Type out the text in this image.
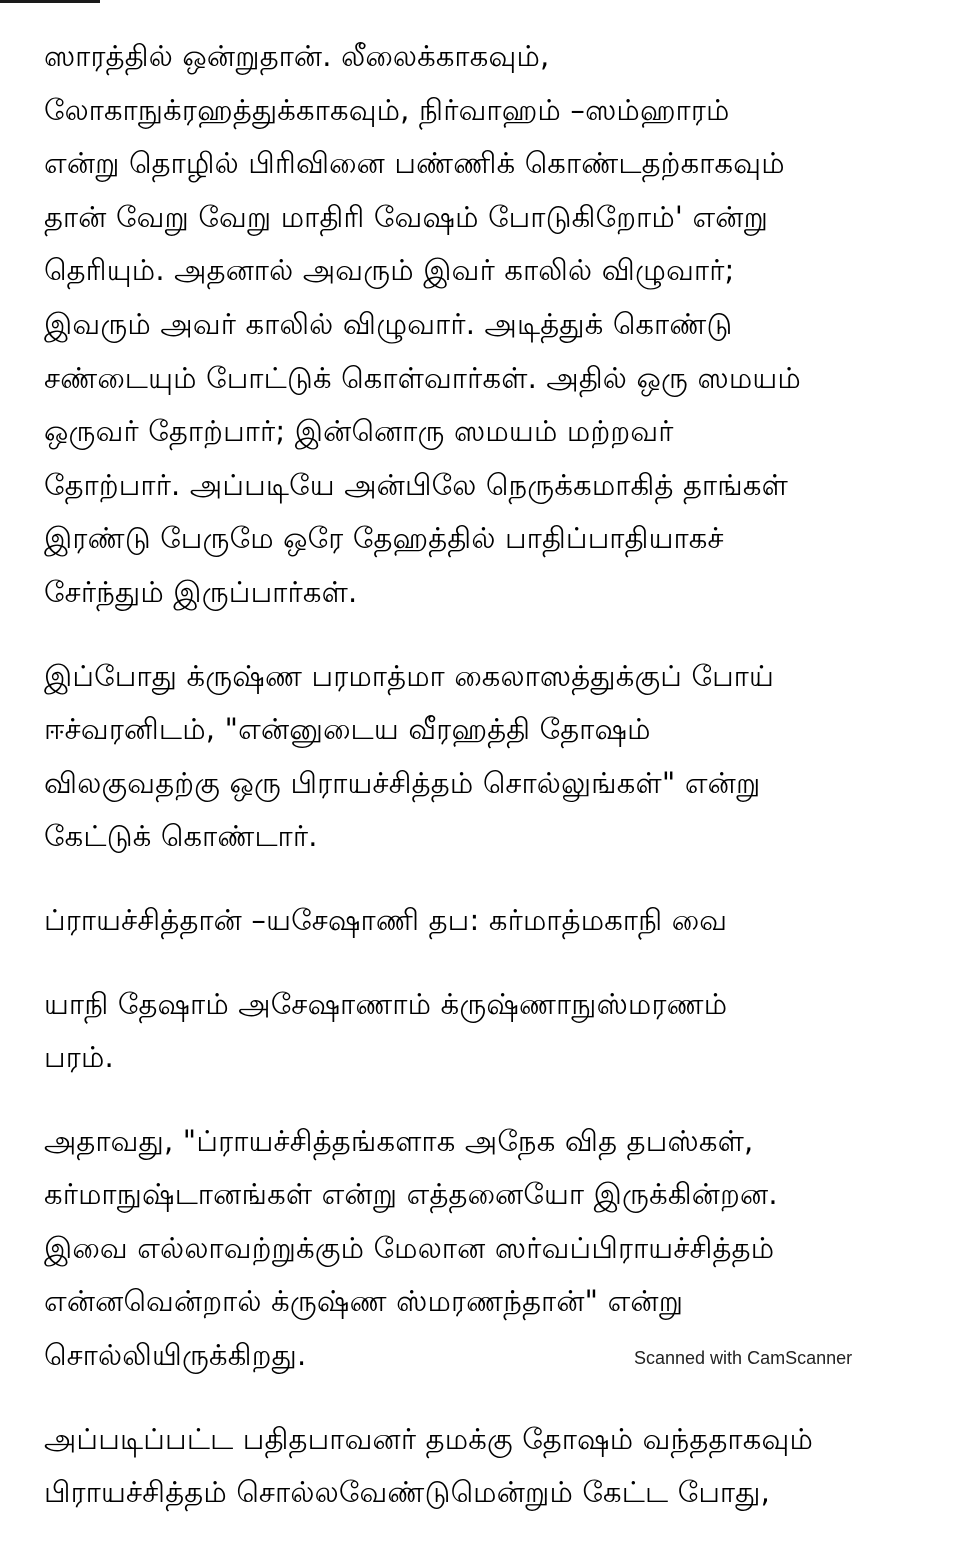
ஸாரத்தில் ஒன்றுதான். லீலைக்காகவும்,
லோகாநுக்ரஹத்துக்காகவும், நிர்வாஹம் –ஸம்ஹாரம்
என்று தொழில் பிரிவினை பண்ணிக் கொண்டதற்காகவும்
தான் வேறு வேறு மாதிரி வேஷம் போடுகிறோம்' என்று
தெரியும். அதனால் அவரும் இவர் காலில் விழுவார்;
இவரும் அவர் காலில் விழுவார். அடித்துக் கொண்டு
சண்டையும் போட்டுக் கொள்வார்கள். அதில் ஒரு ஸமயம்
ஒருவர் தோற்பார்; இன்னொரு ஸமயம் மற்றவர்
தோற்பார். அப்படியே அன்பிலே நெருக்கமாகித் தாங்கள்
இரண்டு பேருமே ஒரே தேஹத்தில் பாதிப்பாதியாகச்
சேர்ந்தும் இருப்பார்கள்.

இப்போது க்ருஷ்ண பரமாத்மா கைலாஸத்துக்குப் போய்
ஈச்வரனிடம், "என்னுடைய வீரஹத்தி தோஷம்
விலகுவதற்கு ஒரு பிராயச்சித்தம் சொல்லுங்கள்" என்று
கேட்டுக் கொண்டார்.

ப்ராயச்சித்தான் –யசேஷாணி தப: கர்மாத்மகாநி வை

யாநி தேஷாம் அசேஷாணாம் க்ருஷ்ணாநுஸ்மரணம்
பரம்.

அதாவது, "ப்ராயச்சித்தங்களாக அநேக வித தபஸ்கள்,
கர்மாநுஷ்டானங்கள் என்று எத்தனையோ இருக்கின்றன.
இவை எல்லாவற்றுக்கும் மேலான ஸர்வப்பிராயச்சித்தம்
என்னவென்றால் க்ருஷ்ண ஸ்மரணந்தான்" என்று
சொல்லியிருக்கிறது.

அப்படிப்பட்ட பதிதபாவனர் தமக்கு தோஷம் வந்ததாகவும்
பிராயச்சித்தம் சொல்லவேண்டுமென்றும் கேட்ட போது,

Scanned with CamScanner
